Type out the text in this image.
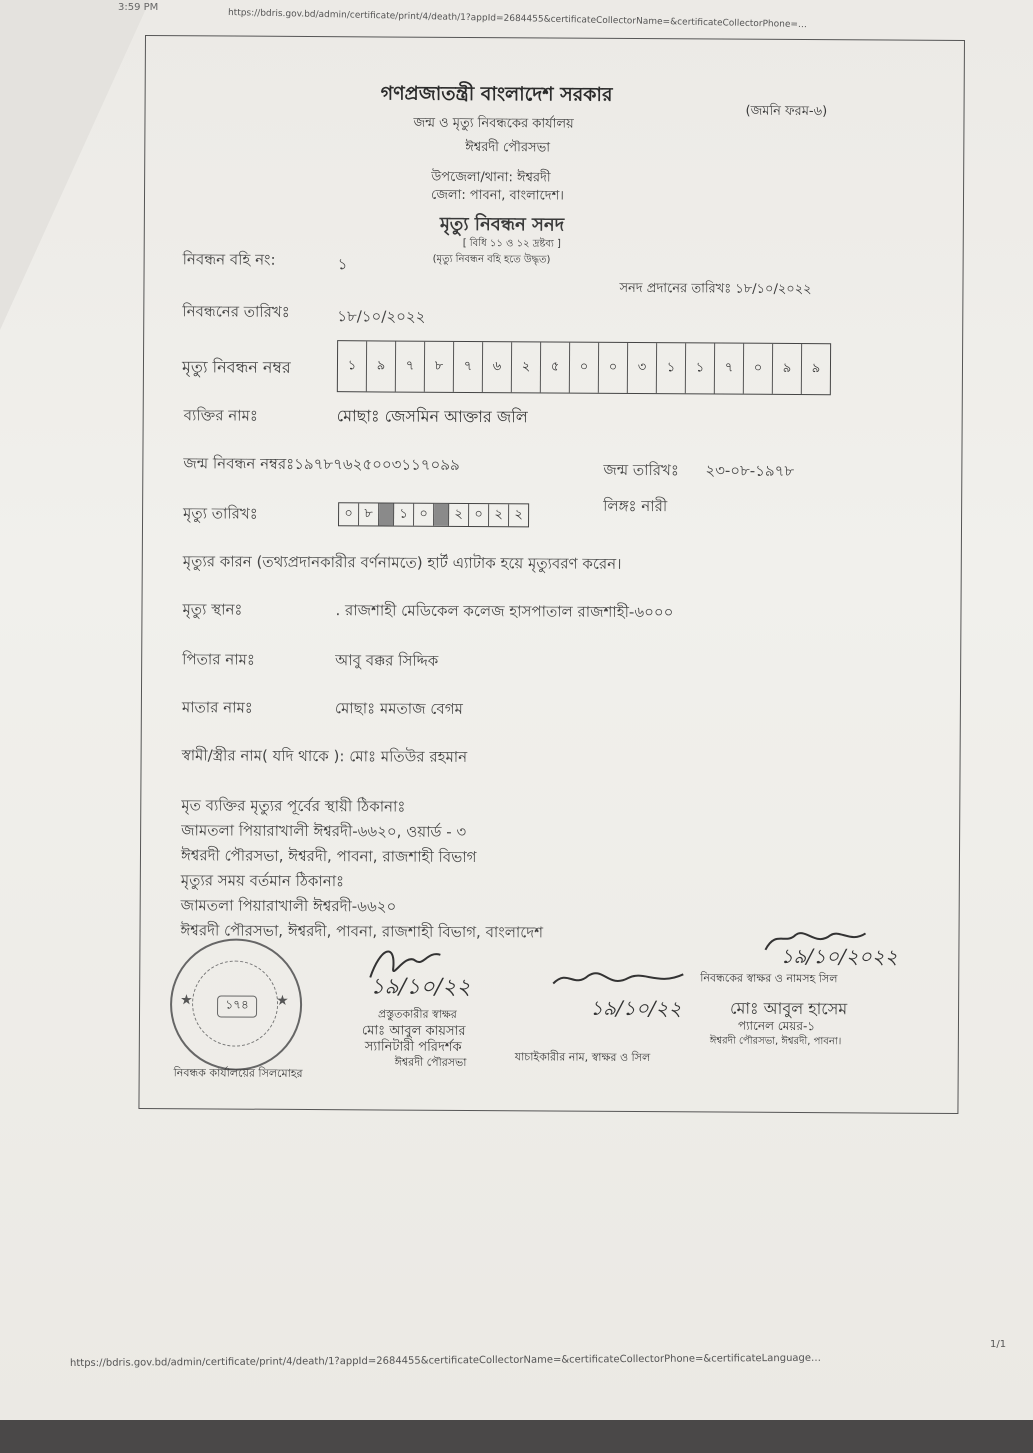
3:59 PM
https://bdris.gov.bd/admin/certificate/print/4/death/1?appId=2684455&certificateCollectorName=&certificateCollectorPhone=…
গণপ্রজাতন্ত্রী বাংলাদেশ সরকার
(জমনি ফরম-৬)
জন্ম ও মৃত্যু নিবন্ধকের কার্যালয়
ঈশ্বরদী পৌরসভা
উপজেলা/থানা: ঈশ্বরদী
জেলা: পাবনা, বাংলাদেশ।
মৃত্যু নিবন্ধন সনদ
[ বিধি ১১ ও ১২ দ্রষ্টব্য ]
(মৃত্যু নিবন্ধন বহি হতে উদ্ধৃত)
নিবন্ধন বহি নং:	১
সনদ প্রদানের তারিখঃ ১৮/১০/২০২২
নিবন্ধনের তারিখঃ	১৮/১০/২০২২
মৃত্যু নিবন্ধন নম্বর	১	৯	৭	৮	৭	৬	২	৫	০	০	৩	১	১	৭	০	৯	৯
ব্যক্তির নামঃ	মোছাঃ জেসমিন আক্তার জলি
জন্ম নিবন্ধন নম্বরঃ১৯৭৮৭৬২৫০০৩১১৭০৯৯	জন্ম তারিখঃ ২৩-০৮-১৯৭৮
মৃত্যু তারিখঃ	০ ৮	১ ০	২ ০ ২ ২	লিঙ্গঃ নারী
মৃত্যুর কারন (তথ্যপ্রদানকারীর বর্ণনামতে) হার্ট এ্যাটাক হয়ে মৃত্যুবরণ করেন।
মৃত্যু স্থানঃ	. রাজশাহী মেডিকেল কলেজ হাসপাতাল রাজশাহী-৬০০০
পিতার নামঃ	আবু বক্কর সিদ্দিক
মাতার নামঃ	মোছাঃ মমতাজ বেগম
স্বামী/স্ত্রীর নাম( যদি থাকে ): মোঃ মতিউর রহমান
মৃত ব্যক্তির মৃত্যুর পূর্বের স্থায়ী ঠিকানাঃ
জামতলা পিয়ারাখালী ঈশ্বরদী-৬৬২০, ওয়ার্ড - ৩
ঈশ্বরদী পৌরসভা, ঈশ্বরদী, পাবনা, রাজশাহী বিভাগ
মৃত্যুর সময় বর্তমান ঠিকানাঃ
জামতলা পিয়ারাখালী ঈশ্বরদী-৬৬২০
ঈশ্বরদী পৌরসভা, ঈশ্বরদী, পাবনা, রাজশাহী বিভাগ, বাংলাদেশ
১৭৪
★	★
নিবন্ধক কার্যালয়ের সিলমোহর
১৯/১০/২২
প্রস্তুতকারীর স্বাক্ষর
মোঃ আবুল কায়সার
স্যানিটারী পরিদর্শক
ঈশ্বরদী পৌরসভা
১৯/১০/২২
যাচাইকারীর নাম, স্বাক্ষর ও সিল
১৯/১০/২০২২
নিবন্ধকের স্বাক্ষর ও নামসহ সিল
মোঃ আবুল হাসেম
প্যানেল মেয়র-১
ঈশ্বরদী পৌরসভা, ঈশ্বরদী, পাবনা।
https://bdris.gov.bd/admin/certificate/print/4/death/1?appId=2684455&certificateCollectorName=&certificateCollectorPhone=&certificateLanguage…
1/1
